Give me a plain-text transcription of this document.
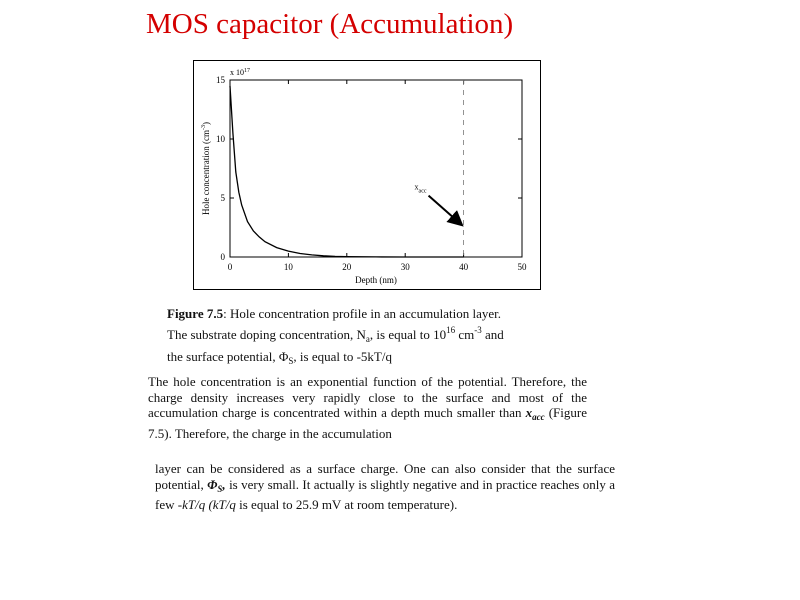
MOS capacitor (Accumulation)
0	10	20	30	40	50
0
5
10
15
Depth (nm)
Hole concentration $(cm^{-3})$
x $10^{17}$
$x_{acc}$

Figure 7.5: Hole concentration profile in an accumulation layer.
The substrate doping concentration, $N_a$, is equal to $10^{16}$ $cm^{-3}$ and
the surface potential, $\Phi_S$, is equal to -5kT/q

The hole concentration is an exponential function of the potential. Therefore, the charge density increases very rapidly close to the surface and most of the accumulation charge is concentrated within a depth much smaller than $x_{acc}$ (Figure 7.5). Therefore, the charge in the accumulation

layer can be considered as a surface charge. One can also consider that the surface potential, $\Phi_S$, is very small. It actually is slightly negative and in practice reaches only a few -kT/q (kT/q is equal to 25.9 mV at room temperature).
